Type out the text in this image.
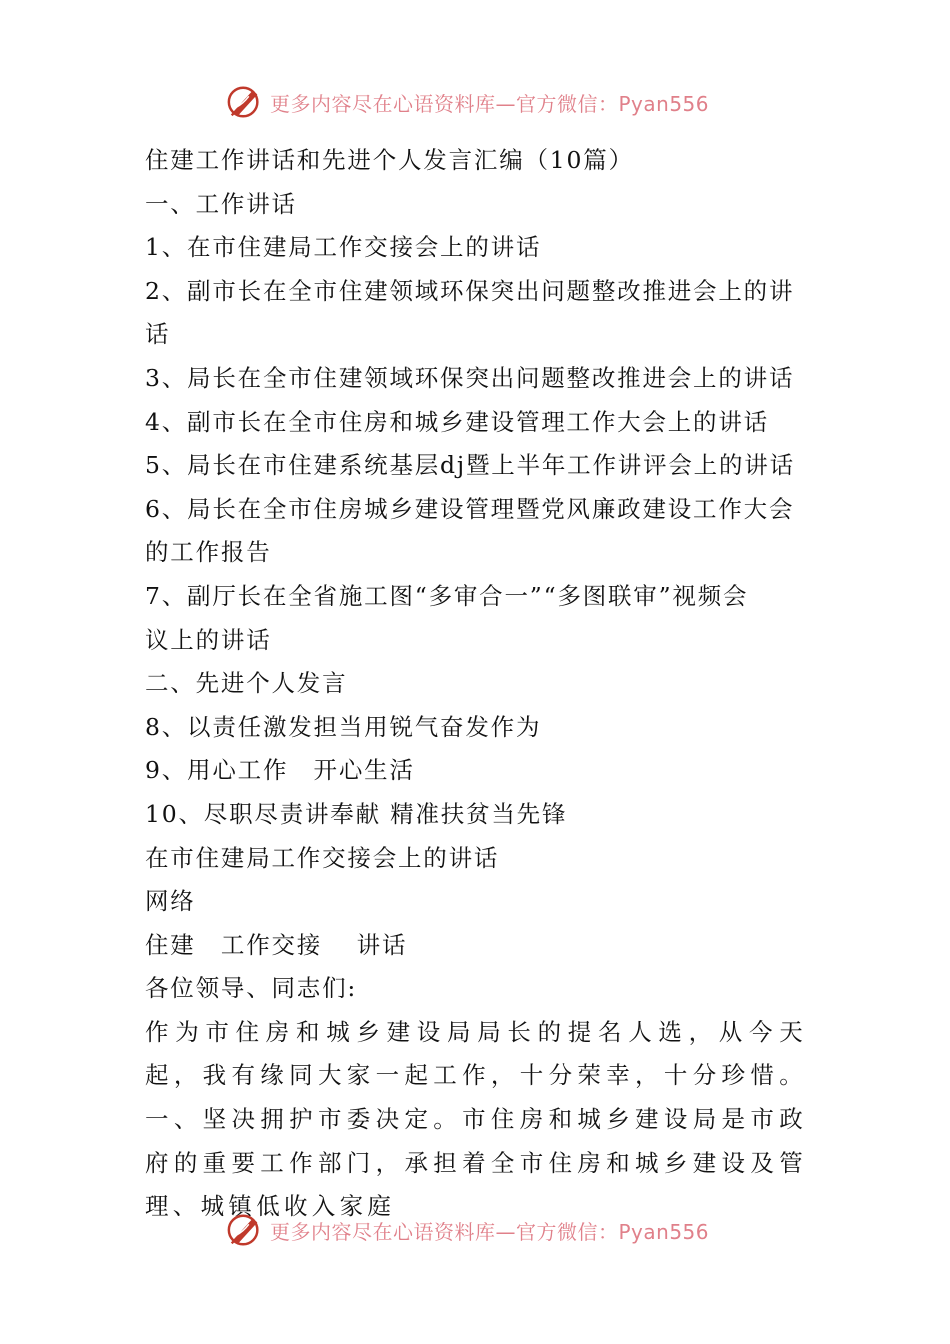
更多内容尽在心语资料库—官方微信：Pyan556
住建工作讲话和先进个人发言汇编（10篇）
一、工作讲话
1、在市住建局工作交接会上的讲话
2、副市长在全市住建领域环保突出问题整改推进会上的讲
话
3、局长在全市住建领域环保突出问题整改推进会上的讲话
4、副市长在全市住房和城乡建设管理工作大会上的讲话
5、局长在市住建系统基层dj暨上半年工作讲评会上的讲话
6、局长在全市住房城乡建设管理暨党风廉政建设工作大会
的工作报告
7、副厅长在全省施工图“多审合一”“多图联审”视频会
议上的讲话
二、先进个人发言
8、以责任激发担当用锐气奋发作为
9、用心工作　开心生活
10、尽职尽责讲奉献 精准扶贫当先锋
在市住建局工作交接会上的讲话
网络
住建　工作交接　 讲话
各位领导、同志们:

作为市住房和城乡建设局局长的提名人选，从今天起，我有缘同大家一起工作，十分荣幸，十分珍惜。一、坚决拥护市委决定。市住房和城乡建设局是市政府的重要工作部门，承担着全市住房和城乡建设及管理、城镇低收入家庭

更多内容尽在心语资料库—官方微信：Pyan556
